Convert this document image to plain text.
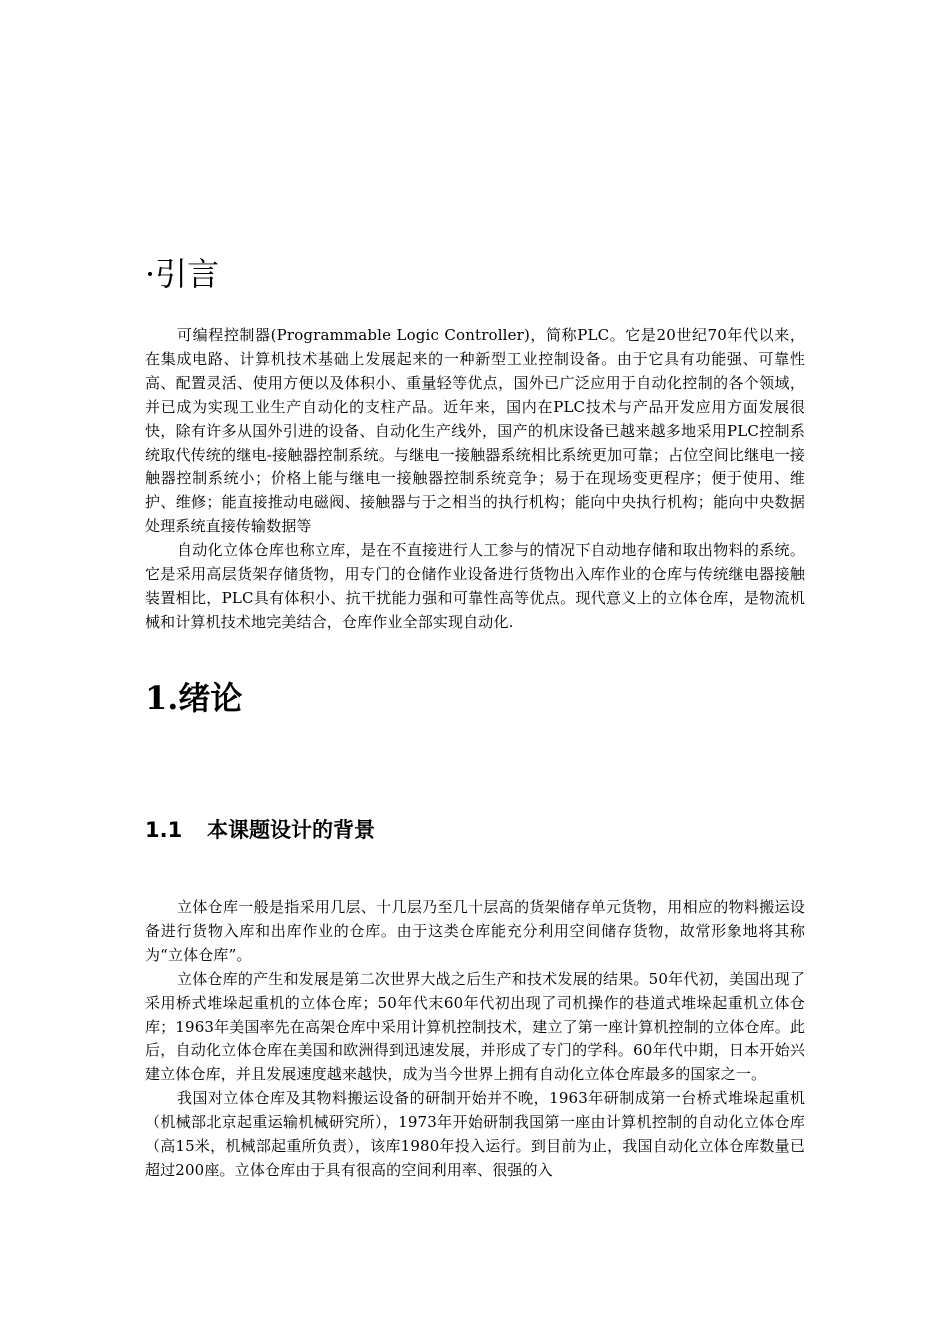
·引言

可编程控制器(Programmable Logic Controller)，简称PLC。它是20世纪70年代以来，在集成电路、计算机技术基础上发展起来的一种新型工业控制设备。由于它具有功能强、可靠性高、配置灵活、使用方便以及体积小、重量轻等优点，国外已广泛应用于自动化控制的各个领域，并已成为实现工业生产自动化的支柱产品。近年来，国内在PLC技术与产品开发应用方面发展很快，除有许多从国外引进的设备、自动化生产线外，国产的机床设备已越来越多地采用PLC控制系统取代传统的继电-接触器控制系统。与继电一接触器系统相比系统更加可靠；占位空间比继电一接触器控制系统小；价格上能与继电一接触器控制系统竞争；易于在现场变更程序；便于使用、维护、维修；能直接推动电磁阀、接触器与于之相当的执行机构；能向中央执行机构；能向中央数据处理系统直接传输数据等

自动化立体仓库也称立库，是在不直接进行人工参与的情况下自动地存储和取出物料的系统。它是采用高层货架存储货物，用专门的仓储作业设备进行货物出入库作业的仓库与传统继电器接触装置相比，PLC具有体积小、抗干扰能力强和可靠性高等优点。现代意义上的立体仓库，是物流机械和计算机技术地完美结合，仓库作业全部实现自动化.

1.绪论
1.1 本课题设计的背景

立体仓库一般是指采用几层、十几层乃至几十层高的货架储存单元货物，用相应的物料搬运设备进行货物入库和出库作业的仓库。由于这类仓库能充分利用空间储存货物，故常形象地将其称为“立体仓库”。

立体仓库的产生和发展是第二次世界大战之后生产和技术发展的结果。50年代初，美国出现了采用桥式堆垛起重机的立体仓库；50年代末60年代初出现了司机操作的巷道式堆垛起重机立体仓库；1963年美国率先在高架仓库中采用计算机控制技术，建立了第一座计算机控制的立体仓库。此后，自动化立体仓库在美国和欧洲得到迅速发展，并形成了专门的学科。60年代中期，日本开始兴建立体仓库，并且发展速度越来越快，成为当今世界上拥有自动化立体仓库最多的国家之一。

我国对立体仓库及其物料搬运设备的研制开始并不晚，1963年研制成第一台桥式堆垛起重机（机械部北京起重运输机械研究所），1973年开始研制我国第一座由计算机控制的自动化立体仓库（高15米，机械部起重所负责），该库1980年投入运行。到目前为止，我国自动化立体仓库数量已超过200座。立体仓库由于具有很高的空间利用率、很强的入
